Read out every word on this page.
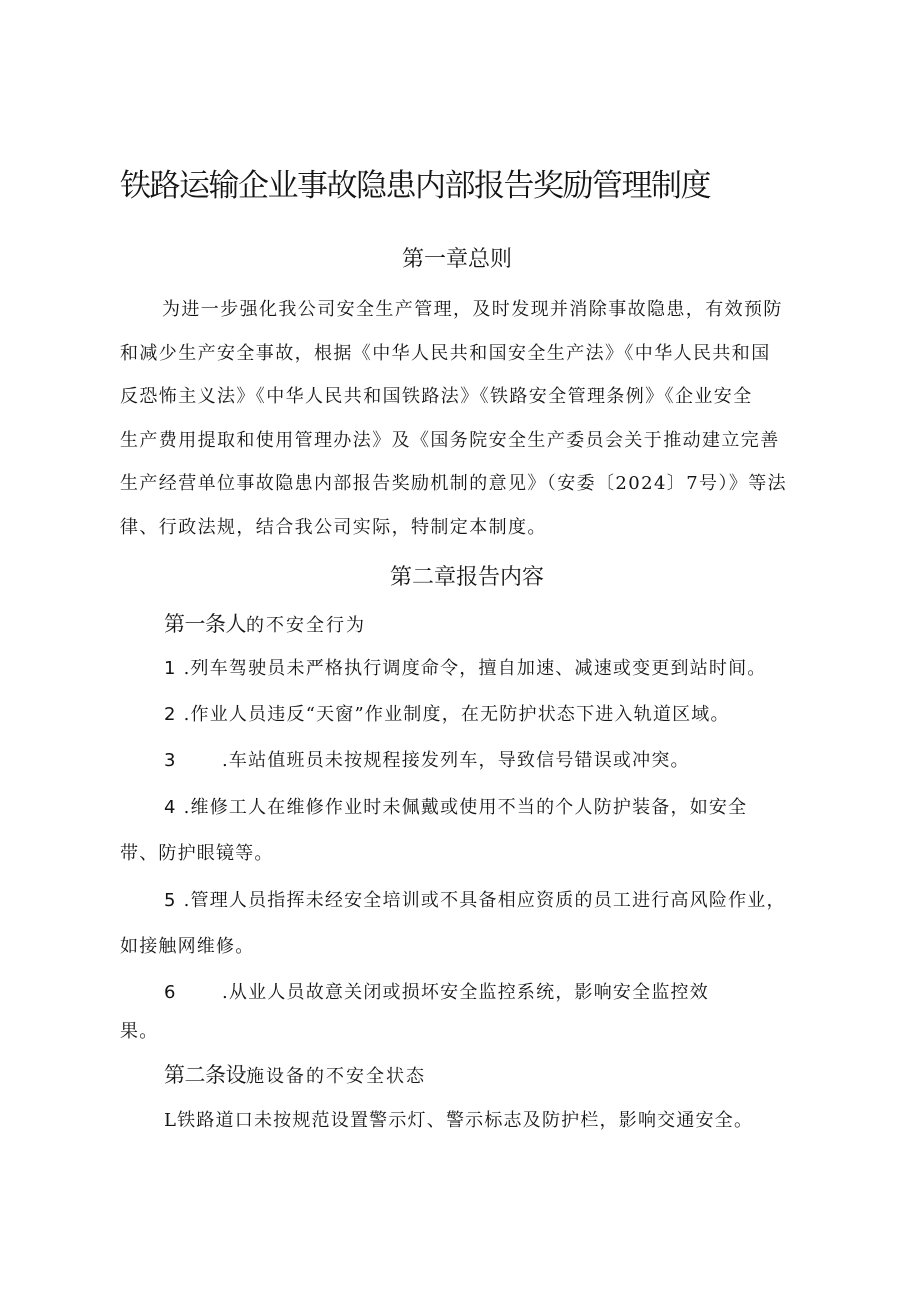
铁路运输企业事故隐患内部报告奖励管理制度
第一章总则
为进一步强化我公司安全生产管理，及时发现并消除事故隐患，有效预防
和减少生产安全事故，根据《中华人民共和国安全生产法》《中华人民共和国
反恐怖主义法》《中华人民共和国铁路法》《铁路安全管理条例》《企业安全
生产费用提取和使用管理办法》及《国务院安全生产委员会关于推动建立完善
生产经营单位事故隐患内部报告奖励机制的意见》（安委〔2024〕7号）》等法
律、行政法规，结合我公司实际，特制定本制度。
第二章报告内容
第一条人的不安全行为
1 .列车驾驶员未严格执行调度命令，擅自加速、减速或变更到站时间。
2 .作业人员违反“天窗”作业制度，在无防护状态下进入轨道区域。
3	.车站值班员未按规程接发列车，导致信号错误或冲突。
4 .维修工人在维修作业时未佩戴或使用不当的个人防护装备，如安全
带、防护眼镜等。
5 .管理人员指挥未经安全培训或不具备相应资质的员工进行高风险作业，
如接触网维修。
6	.从业人员故意关闭或损坏安全监控系统，影响安全监控效
果。
第二条设施设备的不安全状态
L铁路道口未按规范设置警示灯、警示标志及防护栏，影响交通安全。
